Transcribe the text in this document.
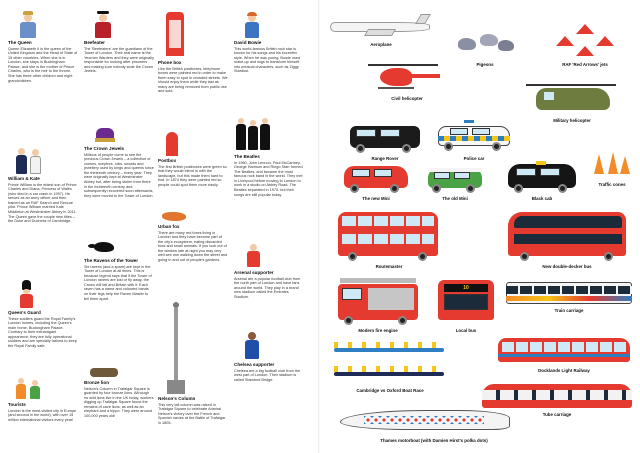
The Queen

Queen Elizabeth II is the queen of the United Kingdom and the Head of State of 15 other countries. When she is in London, she stays in Buckingham Palace, and she is the mother of Prince Charles, who is the heir to the throne. She has three other children and eight grandchildren.

William & Kate

Prince William is the eldest son of Prince Charles and Diana, Princess of Wales (who died in a car crash in 1997). He served as an army officer and then trained as an RAF Search and Rescue pilot. Prince William married Kate Middleton at Westminster Abbey in 2011. The Queen gave the couple new titles – the Duke and Duchess of Cambridge.

Queen's Guard

These soldiers guard the Royal Family's London homes, including the Queen's main home, Buckingham Palace. Contrary to their extravagant appearance, they are fully operational soldiers and are specially trained to keep the Royal Family safe.

Tourists

London is the most-visited city in Europe (and second in the world), with over 15 million international visitors every year!

Beefeater

The 'Beefeaters' are the guardians of the Tower of London. Their real name is the Yeomen Warders and they were originally responsible for looking after prisoners and making sure nobody stole the Crown Jewels.

The Crown Jewels

Millions of people come to see the precious Crown Jewels – a collection of crowns, sceptres, orbs, swords and jewellery used by kings and queens since the thirteenth century – every year. They were originally kept at Westminster Abbey but, after being stolen from there in the fourteenth century and subsequently recovered soon afterwards, they were moved to the Tower of London.

The Ravens of the Tower

Six ravens (and a spare) are kept in the Tower of London at all times. This is because legend says that if the Tower of London ravens are lost or fly away, the Crown will fall and Britain with it. Each raven has a name and coloured bands on their legs help the Raven Master to tell them apart.

Bronze lion

Nelson's Column in Trafalgar Square is guarded by four bronze lions. Although no wild lions live in the UK today, workers digging up Trafalgar Square found the remains of cave lions, as well as an elephant and a hippo. They were around 100,000 years old!

Phone box

Like the British postboxes, telephone boxes were painted red in order to make them easy to spot in crowded streets. We should enjoy them while they last as many are being removed from public use and sold.

Postbox

The first British postboxes were green so that they would blend in with the landscape, but this made them hard to find. In 1874 they were painted red so people could spot them more easily.

Urban fox

There are many red foxes living in London and they have become part of the city's ecosystem, eating discarded food and small animals. If you look out of the window late at night you may very well see one walking down the street and going in and out of people's gardens.

Nelson's Column

This very tall column was raised in Trafalgar Square to celebrate Admiral Nelson's victory over the French and Spanish navies at the Battle of Trafalgar in 1805.

David Bowie

This world-famous British rock star is known for his songs and his eccentric style. When he was young, Bowie used make-up and wigs to transform himself into unusual characters, such as Ziggy Stardust.

The Beatles

In 1960, John Lennon, Paul McCartney, George Harrison and Ringo Starr formed The Beatles, and became the most famous rock band in the world. They met in Liverpool before moving to London to work in a studio on Abbey Road. The Beatles separated in 1970, but their songs are still popular today.

Arsenal supporter

Arsenal are a popular football club from the north part of London and have fans around the world. They play in a brand new stadium called the Emirates Stadium.

Chelsea supporter

Chelsea are a big football club from the west part of London. Their stadium is called Stamford Bridge.

Aeroplane
Pigeons	RAF 'Red Arrows' jets
Civil helicopter
Military helicopter
Range Rover	Police car
Traffic cones
The new Mini	The old Mini	Black cab
Routemaster	New double-decker bus
Modern fire engine
10
Local bus
Train carriage
Cambridge vs Oxford Boat Race
Docklands Light Railway
Tube carriage
Thames motorboat (with Damien Hirst's polka dots)
